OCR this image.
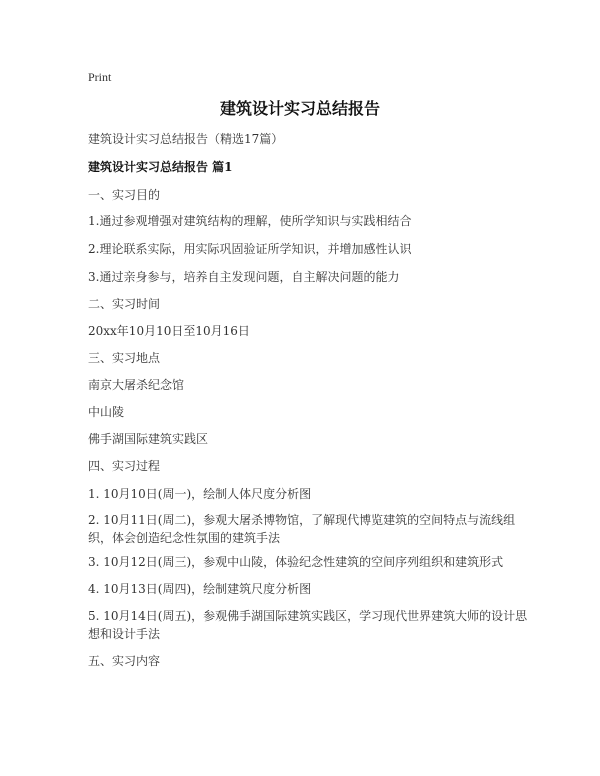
Print
建筑设计实习总结报告

建筑设计实习总结报告（精选17篇）

建筑设计实习总结报告 篇1

一、实习目的

1.通过参观增强对建筑结构的理解，使所学知识与实践相结合

2.理论联系实际，用实际巩固验证所学知识，并增加感性认识

3.通过亲身参与，培养自主发现问题，自主解决问题的能力

二、实习时间

20xx年10月10日至10月16日

三、实习地点

南京大屠杀纪念馆

中山陵

佛手湖国际建筑实践区

四、实习过程

1. 10月10日(周一)，绘制人体尺度分析图

2. 10月11日(周二)，参观大屠杀博物馆，了解现代博览建筑的空间特点与流线组织，体会创造纪念性氛围的建筑手法

3. 10月12日(周三)，参观中山陵，体验纪念性建筑的空间序列组织和建筑形式

4. 10月13日(周四)，绘制建筑尺度分析图

5. 10月14日(周五)，参观佛手湖国际建筑实践区，学习现代世界建筑大师的设计思想和设计手法

五、实习内容
